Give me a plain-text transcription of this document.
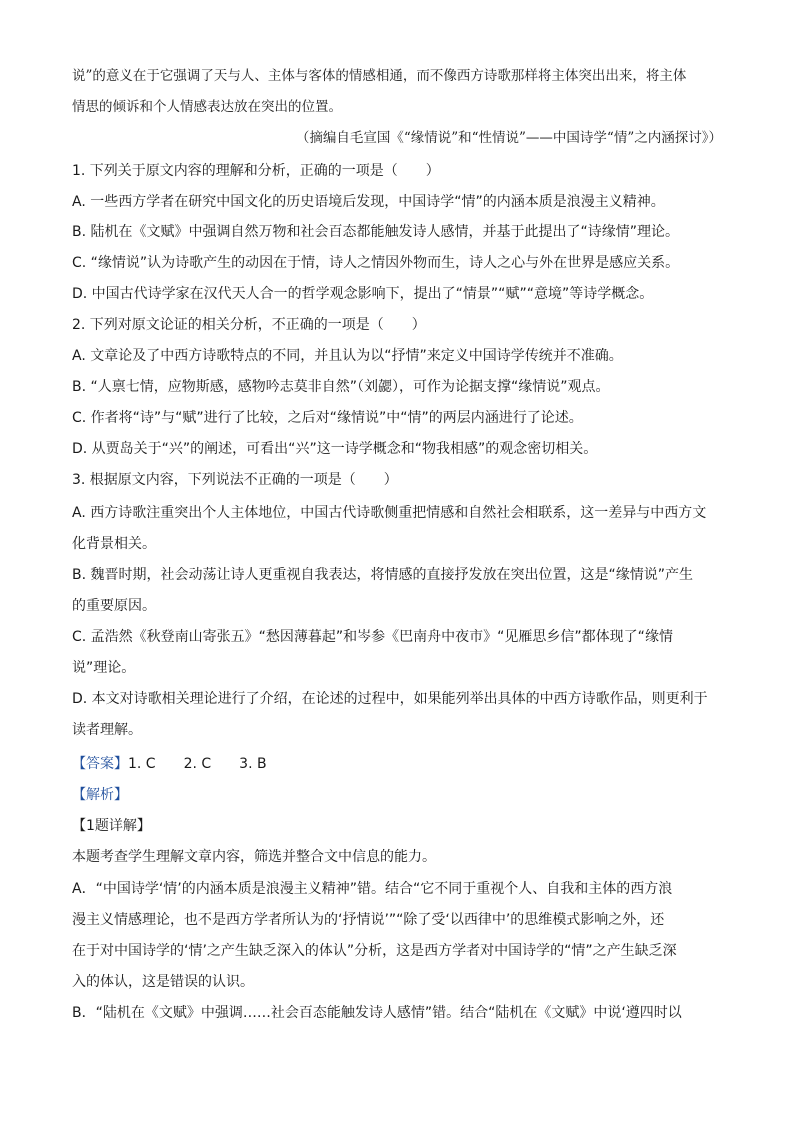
说”的意义在于它强调了天与人、主体与客体的情感相通，而不像西方诗歌那样将主体突出出来，将主体
情思的倾诉和个人情感表达放在突出的位置。
（摘编自毛宣国《“缘情说”和“性情说”——中国诗学“情”之内涵探讨》）
1. 下列关于原文内容的理解和分析，正确的一项是（　　）
A. 一些西方学者在研究中国文化的历史语境后发现，中国诗学“情”的内涵本质是浪漫主义精神。
B. 陆机在《文赋》中强调自然万物和社会百态都能触发诗人感情，并基于此提出了“诗缘情”理论。
C. “缘情说”认为诗歌产生的动因在于情，诗人之情因外物而生，诗人之心与外在世界是感应关系。
D. 中国古代诗学家在汉代天人合一的哲学观念影响下，提出了“情景”“赋”“意境”等诗学概念。
2. 下列对原文论证的相关分析，不正确的一项是（　　）
A. 文章论及了中西方诗歌特点的不同，并且认为以“抒情”来定义中国诗学传统并不准确。
B. “人禀七情，应物斯感，感物吟志莫非自然”（刘勰），可作为论据支撑“缘情说”观点。
C. 作者将“诗”与“赋”进行了比较，之后对“缘情说”中“情”的两层内涵进行了论述。
D. 从贾岛关于“兴”的阐述，可看出“兴”这一诗学概念和“物我相感”的观念密切相关。
3. 根据原文内容，下列说法不正确的一项是（　　）
A. 西方诗歌注重突出个人主体地位，中国古代诗歌侧重把情感和自然社会相联系，这一差异与中西方文
化背景相关。
B. 魏晋时期，社会动荡让诗人更重视自我表达，将情感的直接抒发放在突出位置，这是“缘情说”产生
的重要原因。
C. 孟浩然《秋登南山寄张五》“愁因薄暮起”和岑参《巴南舟中夜市》“见雁思乡信”都体现了“缘情
说”理论。
D. 本文对诗歌相关理论进行了介绍，在论述的过程中，如果能列举出具体的中西方诗歌作品，则更利于
读者理解。
【答案】1. C　　2. C　　3. B
【解析】
【1题详解】
本题考查学生理解文章内容，筛选并整合文中信息的能力。
A．“中国诗学‘情’的内涵本质是浪漫主义精神”错。结合“它不同于重视个人、自我和主体的西方浪
漫主义情感理论，也不是西方学者所认为的‘抒情说’”“除了受‘以西律中’的思维模式影响之外，还
在于对中国诗学的‘情’之产生缺乏深入的体认”分析，这是西方学者对中国诗学的“情”之产生缺乏深
入的体认，这是错误的认识。
B．“陆机在《文赋》中强调……社会百态能触发诗人感情”错。结合“陆机在《文赋》中说‘遵四时以
